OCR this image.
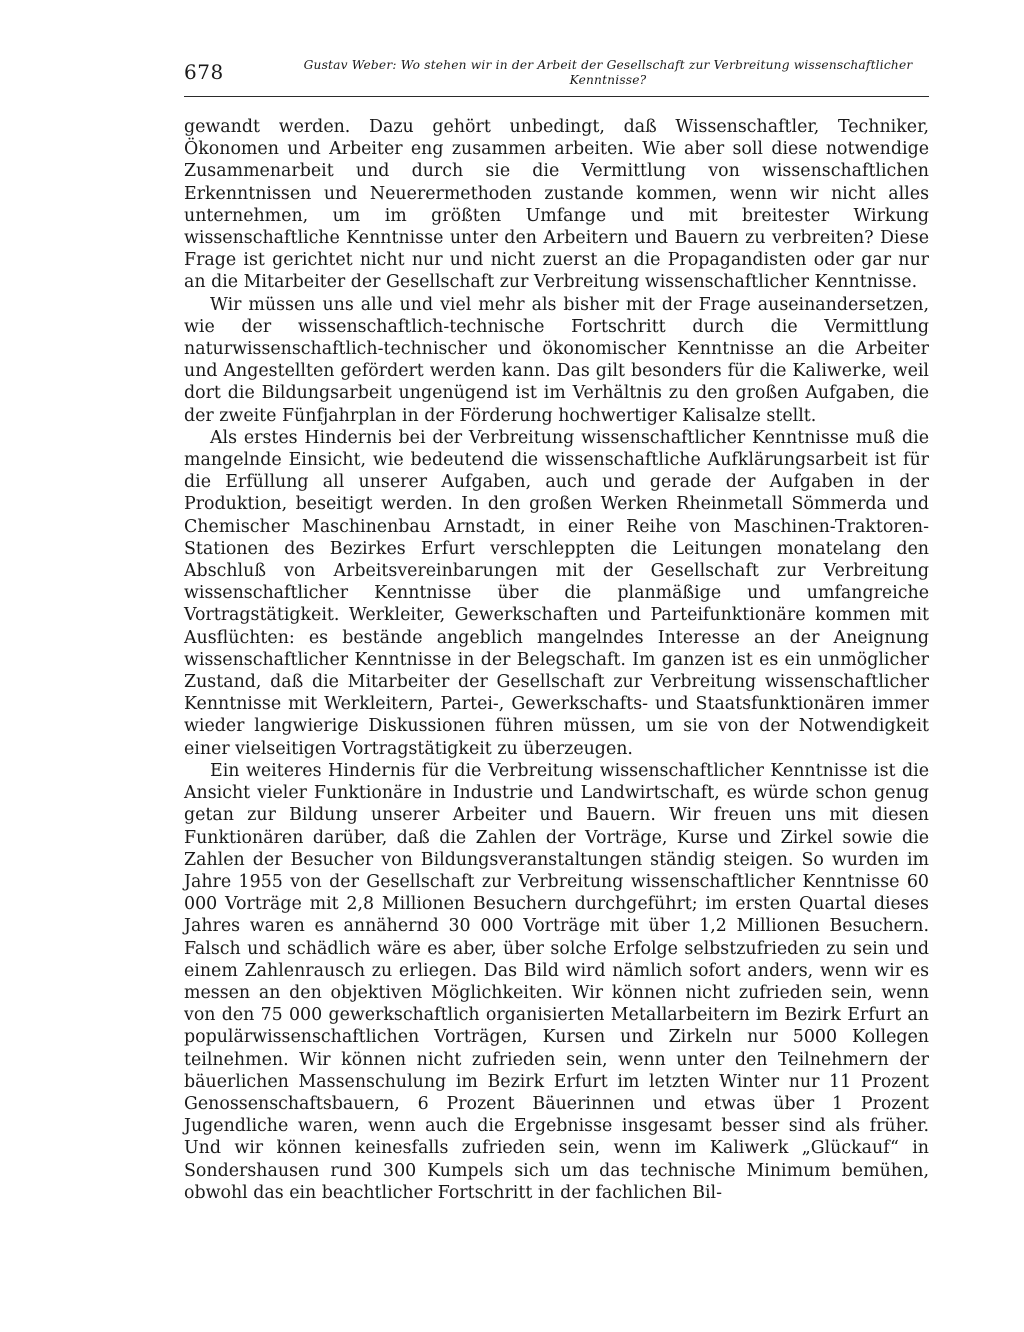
678	Gustav Weber: Wo stehen wir in der Arbeit der Gesellschaft zur Verbreitung wissenschaftlicher Kenntnisse?

gewandt werden. Dazu gehört unbedingt, daß Wissenschaftler, Techniker, Ökonomen und Arbeiter eng zusammen arbeiten. Wie aber soll diese notwendige Zusammenarbeit und durch sie die Vermittlung von wissenschaftlichen Erkenntnissen und Neuerermethoden zustande kommen, wenn wir nicht alles unternehmen, um im größten Umfange und mit breitester Wirkung wissenschaftliche Kenntnisse unter den Arbeitern und Bauern zu verbreiten? Diese Frage ist gerichtet nicht nur und nicht zuerst an die Propagandisten oder gar nur an die Mitarbeiter der Gesellschaft zur Verbreitung wissenschaftlicher Kenntnisse.

Wir müssen uns alle und viel mehr als bisher mit der Frage auseinandersetzen, wie der wissenschaftlich-technische Fortschritt durch die Vermittlung naturwissenschaftlich-technischer und ökonomischer Kenntnisse an die Arbeiter und Angestellten gefördert werden kann. Das gilt besonders für die Kaliwerke, weil dort die Bildungsarbeit ungenügend ist im Verhältnis zu den großen Aufgaben, die der zweite Fünfjahrplan in der Förderung hochwertiger Kalisalze stellt.

Als erstes Hindernis bei der Verbreitung wissenschaftlicher Kenntnisse muß die mangelnde Einsicht, wie bedeutend die wissenschaftliche Aufklärungsarbeit ist für die Erfüllung all unserer Aufgaben, auch und gerade der Aufgaben in der Produktion, beseitigt werden. In den großen Werken Rheinmetall Sömmerda und Chemischer Maschinenbau Arnstadt, in einer Reihe von Maschinen-Traktoren-Stationen des Bezirkes Erfurt verschleppten die Leitungen monatelang den Abschluß von Arbeitsvereinbarungen mit der Gesellschaft zur Verbreitung wissenschaftlicher Kenntnisse über die planmäßige und umfangreiche Vortragstätigkeit. Werkleiter, Gewerkschaften und Parteifunktionäre kommen mit Ausflüchten: es bestände angeblich mangelndes Interesse an der Aneignung wissenschaftlicher Kenntnisse in der Belegschaft. Im ganzen ist es ein unmöglicher Zustand, daß die Mitarbeiter der Gesellschaft zur Verbreitung wissenschaftlicher Kenntnisse mit Werkleitern, Partei-, Gewerkschafts- und Staatsfunktionären immer wieder langwierige Diskussionen führen müssen, um sie von der Notwendigkeit einer vielseitigen Vortragstätigkeit zu überzeugen.

Ein weiteres Hindernis für die Verbreitung wissenschaftlicher Kenntnisse ist die Ansicht vieler Funktionäre in Industrie und Landwirtschaft, es würde schon genug getan zur Bildung unserer Arbeiter und Bauern. Wir freuen uns mit diesen Funktionären darüber, daß die Zahlen der Vorträge, Kurse und Zirkel sowie die Zahlen der Besucher von Bildungsveranstaltungen ständig steigen. So wurden im Jahre 1955 von der Gesellschaft zur Verbreitung wissenschaftlicher Kenntnisse 60 000 Vorträge mit 2,8 Millionen Besuchern durchgeführt; im ersten Quartal dieses Jahres waren es annähernd 30 000 Vorträge mit über 1,2 Millionen Besuchern. Falsch und schädlich wäre es aber, über solche Erfolge selbstzufrieden zu sein und einem Zahlenrausch zu erliegen. Das Bild wird nämlich sofort anders, wenn wir es messen an den objektiven Möglichkeiten. Wir können nicht zufrieden sein, wenn von den 75 000 gewerkschaftlich organisierten Metallarbeitern im Bezirk Erfurt an populärwissenschaftlichen Vorträgen, Kursen und Zirkeln nur 5000 Kollegen teilnehmen. Wir können nicht zufrieden sein, wenn unter den Teilnehmern der bäuerlichen Massenschulung im Bezirk Erfurt im letzten Winter nur 11 Prozent Genossenschaftsbauern, 6 Prozent Bäuerinnen und etwas über 1 Prozent Jugendliche waren, wenn auch die Ergebnisse insgesamt besser sind als früher. Und wir können keinesfalls zufrieden sein, wenn im Kaliwerk „Glückauf“ in Sondershausen rund 300 Kumpels sich um das technische Minimum bemühen, obwohl das ein beachtlicher Fortschritt in der fachlichen Bil-
